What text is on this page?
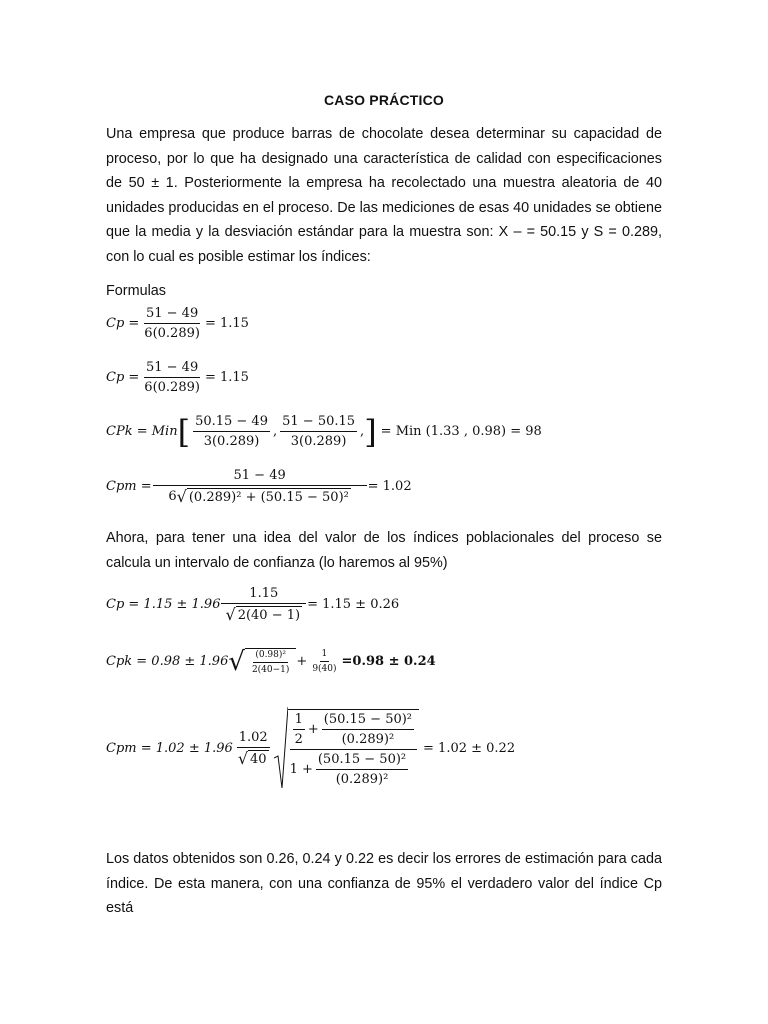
CASO PRÁCTICO
Una empresa que produce barras de chocolate desea determinar su capacidad de proceso, por lo que ha designado una característica de calidad con especificaciones de 50 ± 1. Posteriormente la empresa ha recolectado una muestra aleatoria de 40 unidades producidas en el proceso. De las mediciones de esas 40 unidades se obtiene que la media y la desviación estándar para la muestra son: X – = 50.15 y S = 0.289, con lo cual es posible estimar los índices:
Formulas
$Cp = \frac{51 - 49}{6(0.289)} = 1.15$
$Cp = \frac{51 - 49}{6(0.289)} = 1.15$
CPk = Min [ $\frac{50.15 - 49}{3(0.289)}$ , $\frac{51 - 50.15}{3(0.289)}$ , ] = Min (1.33 , 0.98) = 98
Cpm = $\frac{51 - 49}{\text{6 √ (0.289)² + (50.15 − 50)²}} = 1.02$
Ahora, para tener una idea del valor de los índices poblacionales del proceso se calcula un intervalo de confianza (lo haremos al 95%)
$Cp = 1.15 \pm 1.96 \frac{1.15}{√ 2(40 - 1)} = 1.15 \pm 0.26$
Cpk = 0.98 ± 1.96 √ $\frac{\text{(0.98)²}}{2(40-1)} + \frac{1}{9(40)} =0.98 \pm 0.24$
Cpm = $1.02 \pm 1.96 \frac{1.02}{√ 40} \frac{1}{2} + \frac{\text{(50.15 − 50)²}}{\text{(0.289)²}}$
$1 + \frac{\text{(50.15 − 50)²}}{\text{(0.289)²}}$
= 1.02 ± 0.22
Los datos obtenidos son 0.26, 0.24 y 0.22 es decir los errores de estimación para cada índice. De esta manera, con una confianza de 95% el verdadero valor del índice Cp está
